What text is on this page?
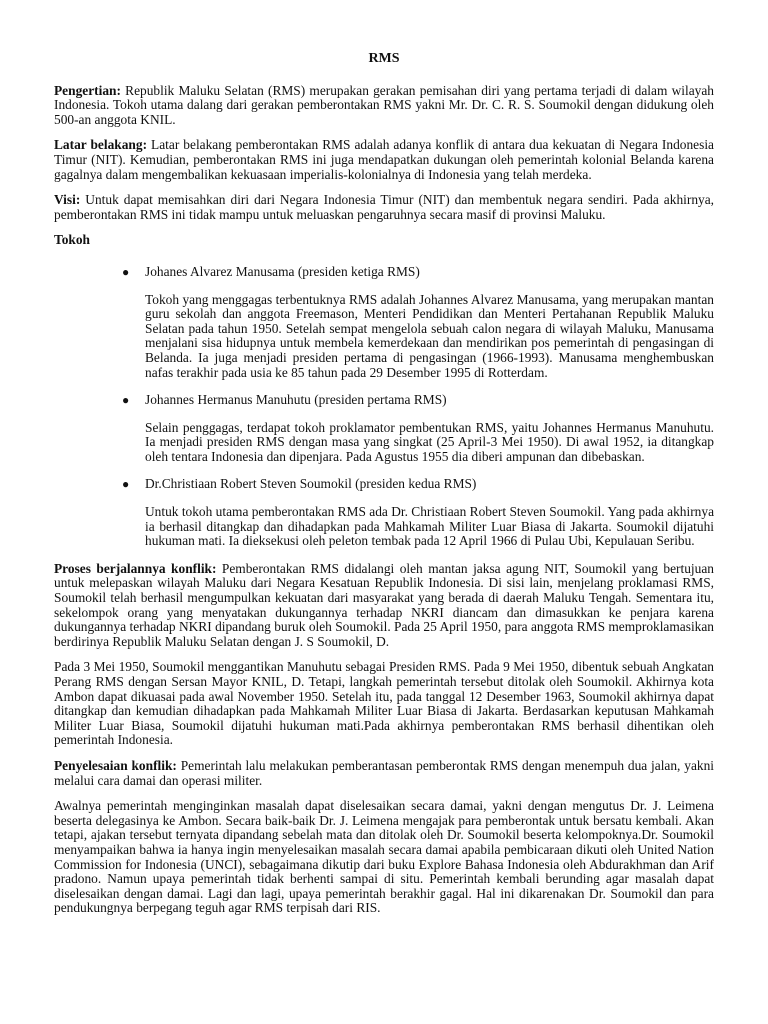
RMS

Pengertian: Republik Maluku Selatan (RMS) merupakan gerakan pemisahan diri yang pertama terjadi di dalam wilayah Indonesia. Tokoh utama dalang dari gerakan pemberontakan RMS yakni Mr. Dr. C. R. S. Soumokil dengan didukung oleh 500-an anggota KNIL.

Latar belakang: Latar belakang pemberontakan RMS adalah adanya konflik di antara dua kekuatan di Negara Indonesia Timur (NIT). Kemudian, pemberontakan RMS ini juga mendapatkan dukungan oleh pemerintah kolonial Belanda karena gagalnya dalam mengembalikan kekuasaan imperialis-kolonialnya di Indonesia yang telah merdeka.

Visi: Untuk dapat memisahkan diri dari Negara Indonesia Timur (NIT) dan membentuk negara sendiri. Pada akhirnya, pemberontakan RMS ini tidak mampu untuk meluaskan pengaruhnya secara masif di provinsi Maluku.

Tokoh
● Johanes Alvarez Manusama (presiden ketiga RMS)
Tokoh yang menggagas terbentuknya RMS adalah Johannes Alvarez Manusama, yang merupakan mantan guru sekolah dan anggota Freemason, Menteri Pendidikan dan Menteri Pertahanan Republik Maluku Selatan pada tahun 1950. Setelah sempat mengelola sebuah calon negara di wilayah Maluku, Manusama menjalani sisa hidupnya untuk membela kemerdekaan dan mendirikan pos pemerintah di pengasingan di Belanda. Ia juga menjadi presiden pertama di pengasingan (1966-1993). Manusama menghembuskan nafas terakhir pada usia ke 85 tahun pada 29 Desember 1995 di Rotterdam.
● Johannes Hermanus Manuhutu (presiden pertama RMS)
Selain penggagas, terdapat tokoh proklamator pembentukan RMS, yaitu Johannes Hermanus Manuhutu. Ia menjadi presiden RMS dengan masa yang singkat (25 April-3 Mei 1950). Di awal 1952, ia ditangkap oleh tentara Indonesia dan dipenjara. Pada Agustus 1955 dia diberi ampunan dan dibebaskan.
● Dr.Christiaan Robert Steven Soumokil (presiden kedua RMS)
Untuk tokoh utama pemberontakan RMS ada Dr. Christiaan Robert Steven Soumokil. Yang pada akhirnya ia berhasil ditangkap dan dihadapkan pada Mahkamah Militer Luar Biasa di Jakarta. Soumokil dijatuhi hukuman mati. Ia dieksekusi oleh peleton tembak pada 12 April 1966 di Pulau Ubi, Kepulauan Seribu.

Proses berjalannya konflik: Pemberontakan RMS didalangi oleh mantan jaksa agung NIT, Soumokil yang bertujuan untuk melepaskan wilayah Maluku dari Negara Kesatuan Republik Indonesia. Di sisi lain, menjelang proklamasi RMS, Soumokil telah berhasil mengumpulkan kekuatan dari masyarakat yang berada di daerah Maluku Tengah. Sementara itu, sekelompok orang yang menyatakan dukungannya terhadap NKRI diancam dan dimasukkan ke penjara karena dukungannya terhadap NKRI dipandang buruk oleh Soumokil. Pada 25 April 1950, para anggota RMS memproklamasikan berdirinya Republik Maluku Selatan dengan J. S Soumokil, D.

Pada 3 Mei 1950, Soumokil menggantikan Manuhutu sebagai Presiden RMS. Pada 9 Mei 1950, dibentuk sebuah Angkatan Perang RMS dengan Sersan Mayor KNIL, D. Tetapi, langkah pemerintah tersebut ditolak oleh Soumokil. Akhirnya kota Ambon dapat dikuasai pada awal November 1950. Setelah itu, pada tanggal 12 Desember 1963, Soumokil akhirnya dapat ditangkap dan kemudian dihadapkan pada Mahkamah Militer Luar Biasa di Jakarta. Berdasarkan keputusan Mahkamah Militer Luar Biasa, Soumokil dijatuhi hukuman mati.Pada akhirnya pemberontakan RMS berhasil dihentikan oleh pemerintah Indonesia.

Penyelesaian konflik: Pemerintah lalu melakukan pemberantasan pemberontak RMS dengan menempuh dua jalan, yakni melalui cara damai dan operasi militer.

Awalnya pemerintah menginginkan masalah dapat diselesaikan secara damai, yakni dengan mengutus Dr. J. Leimena beserta delegasinya ke Ambon. Secara baik-baik Dr. J. Leimena mengajak para pemberontak untuk bersatu kembali. Akan tetapi, ajakan tersebut ternyata dipandang sebelah mata dan ditolak oleh Dr. Soumokil beserta kelompoknya.Dr. Soumokil menyampaikan bahwa ia hanya ingin menyelesaikan masalah secara damai apabila pembicaraan dikuti oleh United Nation Commission for Indonesia (UNCI), sebagaimana dikutip dari buku Explore Bahasa Indonesia oleh Abdurakhman dan Arif pradono. Namun upaya pemerintah tidak berhenti sampai di situ. Pemerintah kembali berunding agar masalah dapat diselesaikan dengan damai. Lagi dan lagi, upaya pemerintah berakhir gagal. Hal ini dikarenakan Dr. Soumokil dan para pendukungnya berpegang teguh agar RMS terpisah dari RIS.
